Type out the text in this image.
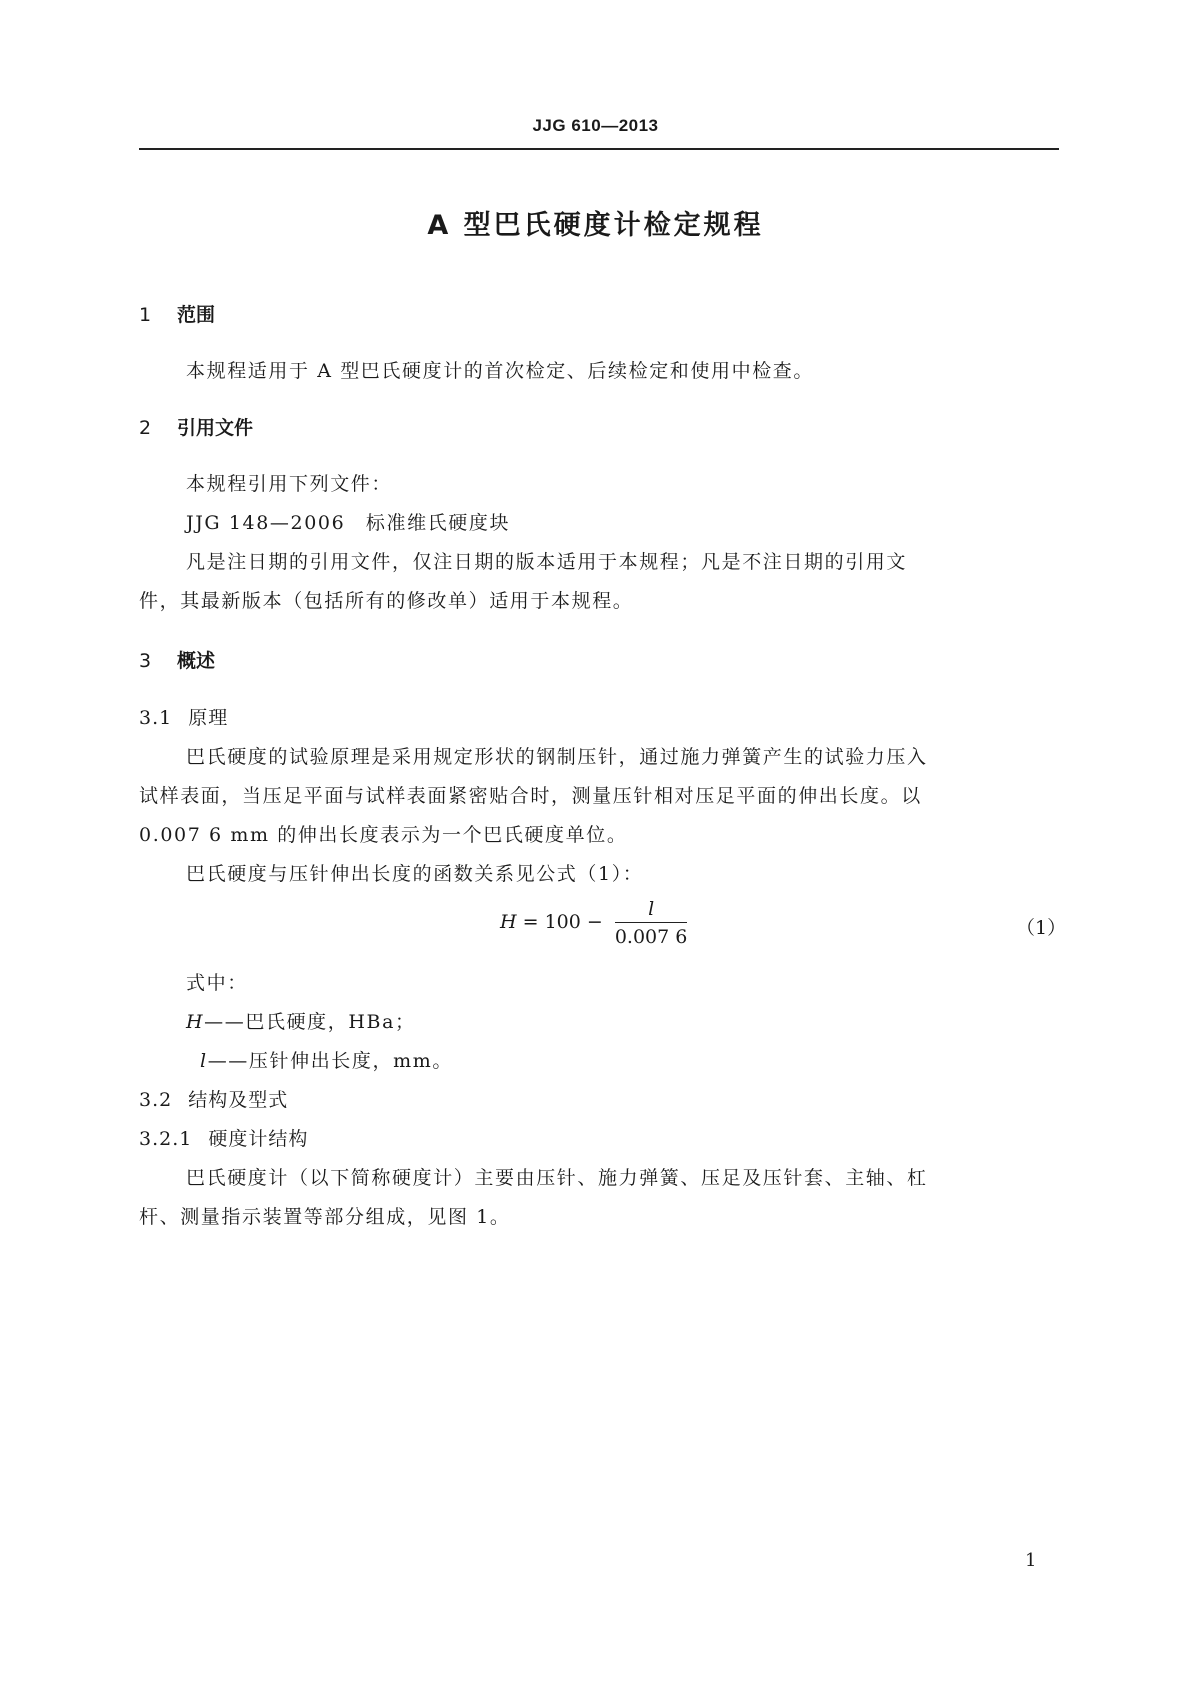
JJG 610—2013
A 型巴氏硬度计检定规程
1 范围
本规程适用于 A 型巴氏硬度计的首次检定、后续检定和使用中检查。
2 引用文件
本规程引用下列文件：
JJG 148—2006　标准维氏硬度块
凡是注日期的引用文件，仅注日期的版本适用于本规程；凡是不注日期的引用文
件，其最新版本（包括所有的修改单）适用于本规程。
3 概述
3.1 原理
巴氏硬度的试验原理是采用规定形状的钢制压针，通过施力弹簧产生的试验力压入
试样表面，当压足平面与试样表面紧密贴合时，测量压针相对压足平面的伸出长度。以
0.007 6 mm 的伸出长度表示为一个巴氏硬度单位。
巴氏硬度与压针伸出长度的函数关系见公式（1）：
$H = 100 - \frac{l}{0.007 6}$	（1）
式中：
H——巴氏硬度，HBa；
l——压针伸出长度，mm。
3.2 结构及型式
3.2.1 硬度计结构
巴氏硬度计（以下简称硬度计）主要由压针、施力弹簧、压足及压针套、主轴、杠
杆、测量指示装置等部分组成，见图 1。
1
